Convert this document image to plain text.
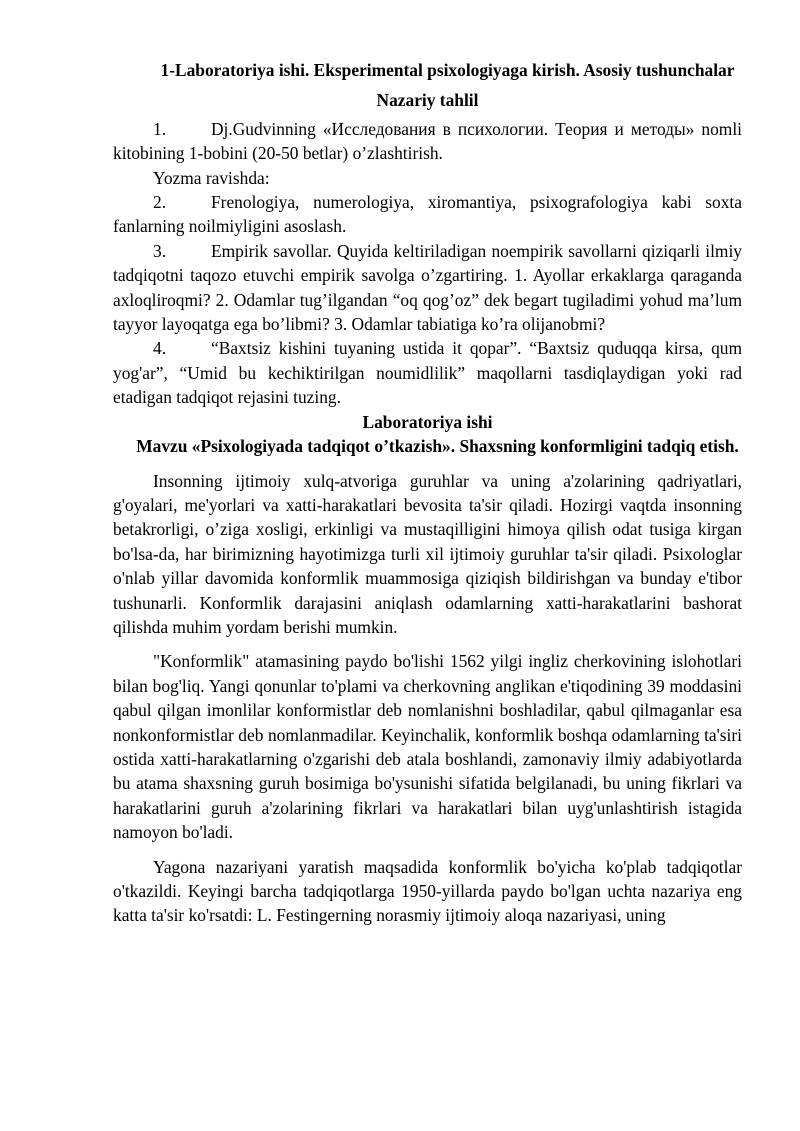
1-Laboratoriya ishi. Eksperimental psixologiyaga kirish. Asosiy tushunchalar
Nazariy tahlil

1.	Dj.Gudvinning «Исследования в психологии. Теория и методы» nomli kitobining 1-bobini (20-50 betlar) o’zlashtirish.

Yozma ravishda:

2.	Frenologiya, numerologiya, xiromantiya, psixografologiya kabi soxta fanlarning noilmiyligini asoslash.

3.	Empirik savollar. Quyida keltiriladigan noempirik savollarni qiziqarli ilmiy tadqiqotni taqozo etuvchi empirik savolga o’zgartiring. 1. Ayollar erkaklarga qaraganda axloqliroqmi? 2. Odamlar tug’ilgandan “oq qog’oz” dek begart tugiladimi yohud ma’lum tayyor layoqatga ega bo’libmi? 3. Odamlar tabiatiga ko’ra olijanobmi?

4.	“Baxtsiz kishini tuyaning ustida it qopar”. “Baxtsiz quduqqa kirsa, qum yog'ar”, “Umid bu kechiktirilgan noumidlilik” maqollarni tasdiqlaydigan yoki rad etadigan tadqiqot rejasini tuzing.

Laboratoriya ishi
Mavzu «Psixologiyada tadqiqot o’tkazish». Shaxsning konformligini tadqiq etish.

Insonning ijtimoiy xulq-atvoriga guruhlar va uning a'zolarining qadriyatlari, g'oyalari, me'yorlari va xatti-harakatlari bevosita ta'sir qiladi. Hozirgi vaqtda insonning betakrorligi, o’ziga xosligi, erkinligi va mustaqilligini himoya qilish odat tusiga kirgan bo'lsa-da, har birimizning hayotimizga turli xil ijtimoiy guruhlar ta'sir qiladi. Psixologlar o'nlab yillar davomida konformlik muammosiga qiziqish bildirishgan va bunday e'tibor tushunarli. Konformlik darajasini aniqlash odamlarning xatti-harakatlarini bashorat qilishda muhim yordam berishi mumkin.

"Konformlik" atamasining paydo bo'lishi 1562 yilgi ingliz cherkovining islohotlari bilan bog'liq. Yangi qonunlar to'plami va cherkovning anglikan e'tiqodining 39 moddasini qabul qilgan imonlilar konformistlar deb nomlanishni boshladilar, qabul qilmaganlar esa nonkonformistlar deb nomlanmadilar. Keyinchalik, konformlik boshqa odamlarning ta'siri ostida xatti-harakatlarning o'zgarishi deb atala boshlandi, zamonaviy ilmiy adabiyotlarda bu atama shaxsning guruh bosimiga bo'ysunishi sifatida belgilanadi, bu uning fikrlari va harakatlarini guruh a'zolarining fikrlari va harakatlari bilan uyg'unlashtirish istagida namoyon bo'ladi.

Yagona nazariyani yaratish maqsadida konformlik bo'yicha ko'plab tadqiqotlar o'tkazildi. Keyingi barcha tadqiqotlarga 1950-yillarda paydo bo'lgan uchta nazariya eng katta ta'sir ko'rsatdi: L. Festingerning norasmiy ijtimoiy aloqa nazariyasi, uning
